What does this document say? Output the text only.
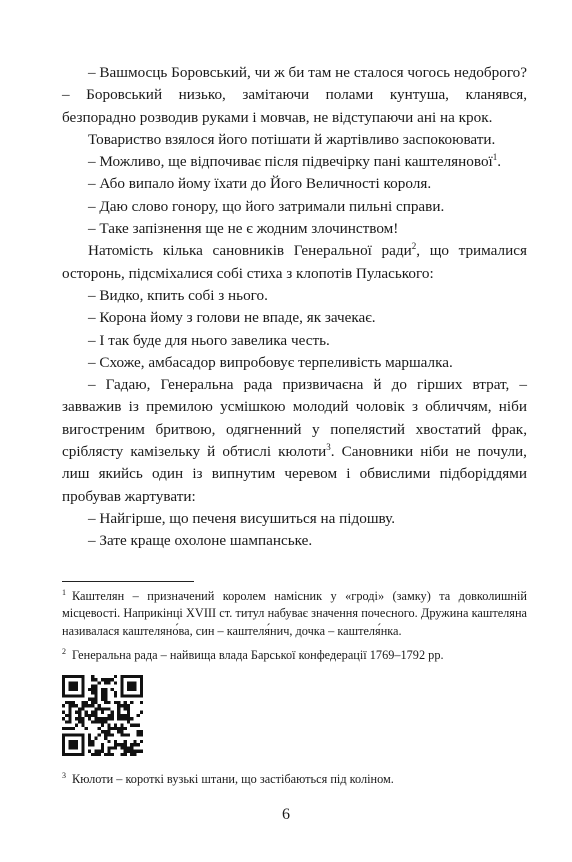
– Вашмосць Боровський, чи ж би там не сталося чогось недоброго? – Боровський низько, замітаючи полами кунтуша, кланявся, безпорадно розводив руками і мовчав, не відступаючи ані на крок.

Товариство взялося його потішати й жартівливо заспокоювати.

– Можливо, ще відпочиває після підвечірку пані каштелянової$^1$.

– Або випало йому їхати до Його Величності короля.

– Даю слово гонору, що його затримали пильні справи.

– Таке запізнення ще не є жодним злочинством!

Натомість кілька сановників Генеральної ради$^2$, що трималися осторонь, підсміхалися собі стиха з клопотів Пуласького:

– Видко, кпить собі з нього.

– Корона йому з голови не впаде, як зачекає.

– І так буде для нього завелика честь.

– Схоже, амбасадор випробовує терпеливість маршалка.

– Гадаю, Генеральна рада призвичаєна й до гірших втрат, – завважив із премилою усмішкою молодий чоловік з обличчям, ніби вигостреним бритвою, одягненний у попелястий хвостатий фрак, сріблясту камізельку й обтислі кюлоти$^3$. Сановники ніби не почули, лиш якийсь один із випнутим черевом і обвислими підборіддями пробував жартувати:

– Найгірше, що печеня висушиться на підошву.

– Зате краще охолоне шампанське.

$^1$ Каштелян – призначений королем намісник у «гроді» (замку) та довколишній місцевості. Наприкінці XVIII ст. титул набуває значення почесного. Дружина каштеляна називалася каштеляно́ва, син – каштеля́нич, дочка – каштеля́нка.
$^2$ Генеральна рада – найвища влада Барської конфедерації 1769–1792 рр.
$^3$ Кюлоти – короткі вузькі штани, що застібаються під коліном.
6
